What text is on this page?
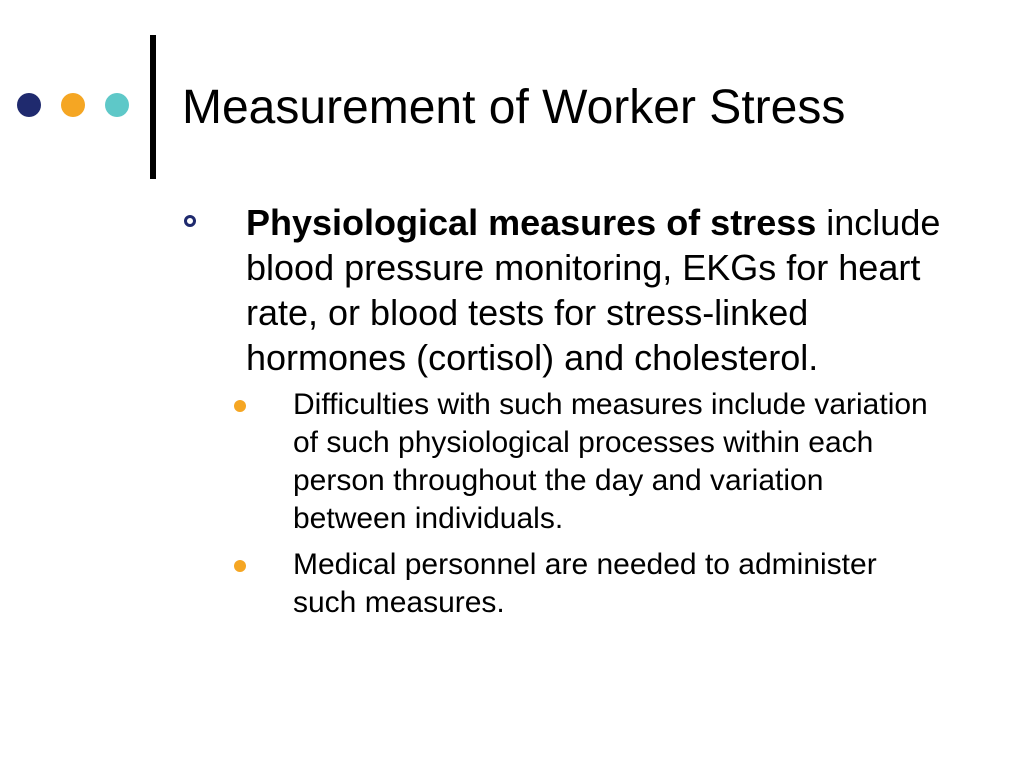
Measurement of Worker Stress
Physiological measures of stress include blood pressure monitoring, EKGs for heart rate, or blood tests for stress-linked hormones (cortisol) and cholesterol.
Difficulties with such measures include variation of such physiological processes within each person throughout the day and variation between individuals.
Medical personnel are needed to administer such measures.
